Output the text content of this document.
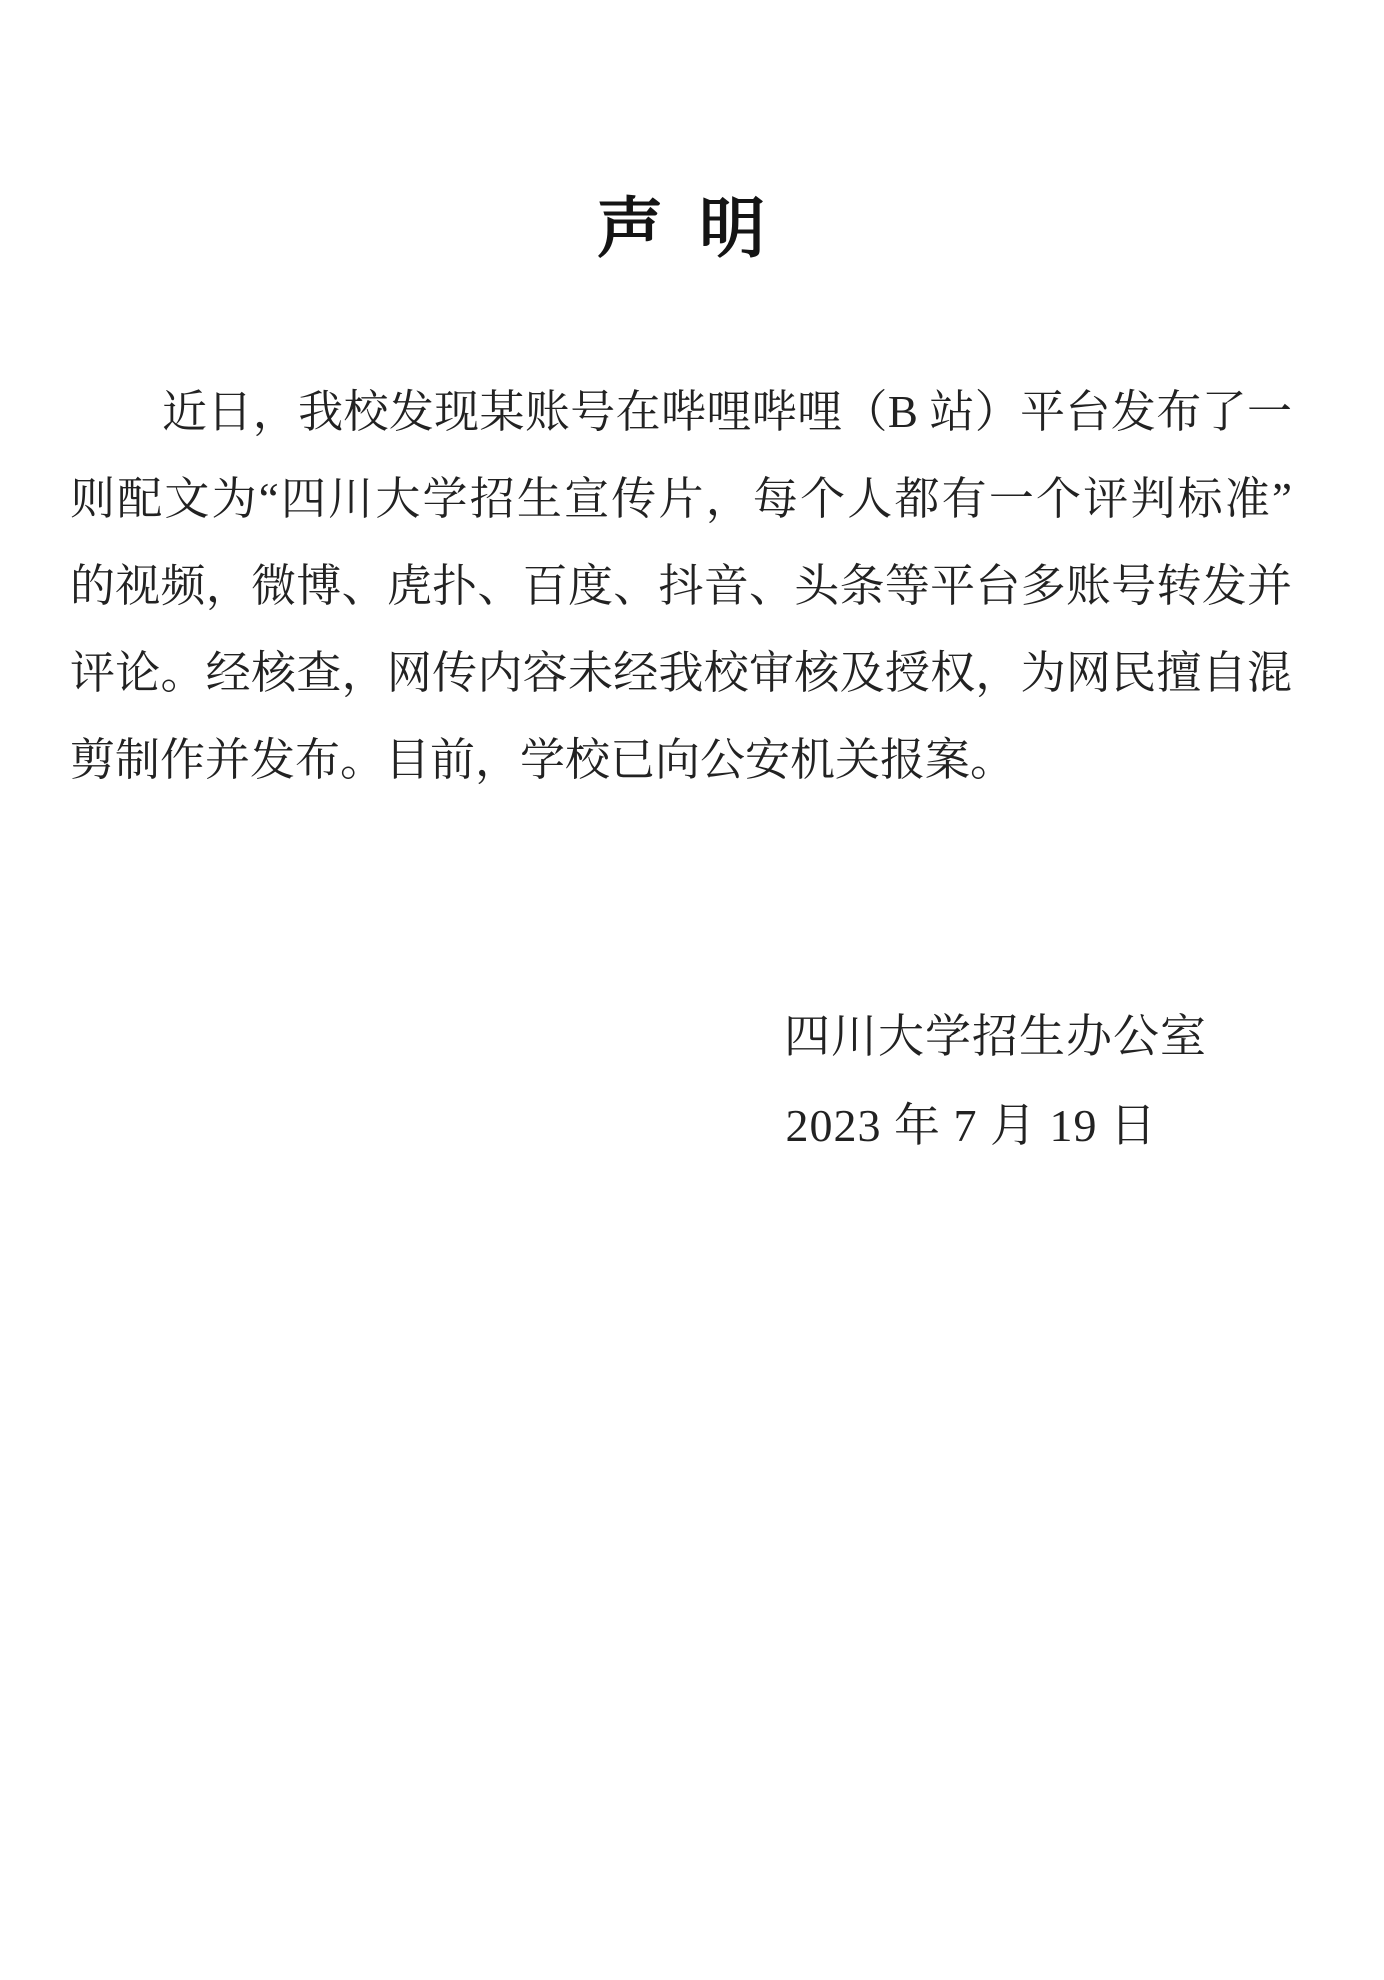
声 明
近日，我校发现某账号在哔哩哔哩（B 站）平台发布了一
则配文为“四川大学招生宣传片，每个人都有一个评判标准”
的视频，微博、虎扑、百度、抖音、头条等平台多账号转发并
评论。经核查，网传内容未经我校审核及授权，为网民擅自混
剪制作并发布。目前，学校已向公安机关报案。
四川大学招生办公室
2023 年 7 月 19 日
